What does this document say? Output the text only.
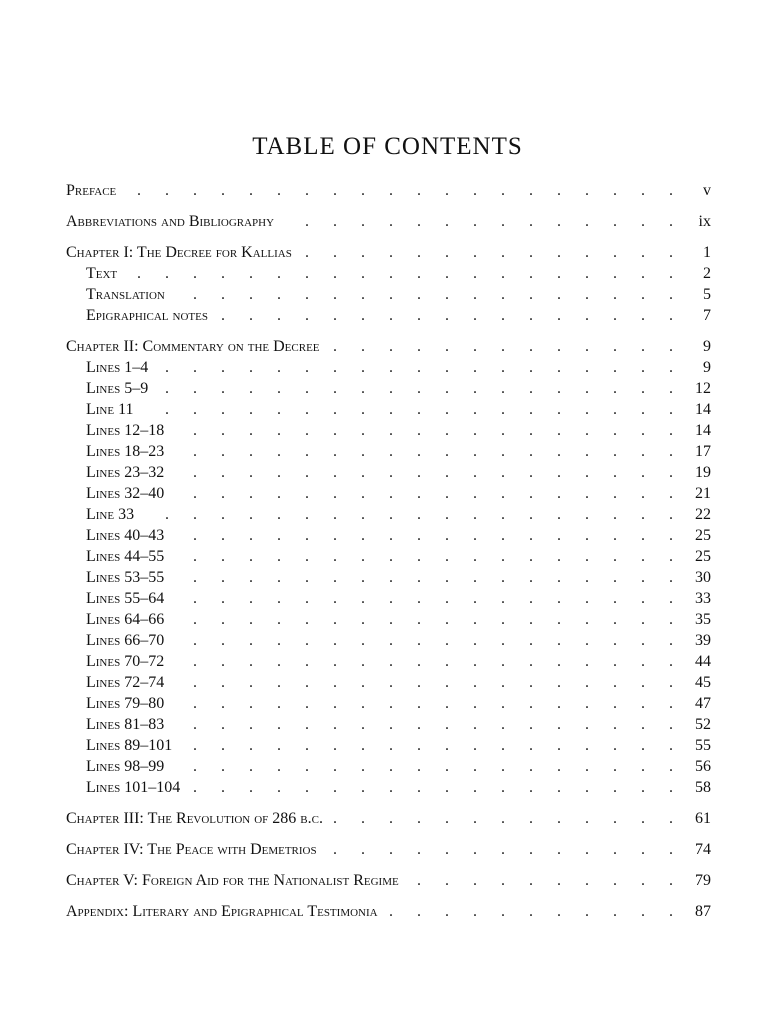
TABLE OF CONTENTS
Preface .	v
Abbreviations and Bibliography .	ix
Chapter I: The Decree for Kallias .	1
Text .	2
Translation .	5
Epigraphical notes .	7
Chapter II: Commentary on the Decree .	9
Lines 1–4 .	9
Lines 5–9 .	12
Line 11 .	14
Lines 12–18 .	14
Lines 18–23 .	17
Lines 23–32 .	19
Lines 32–40 .	21
Line 33 .	22
Lines 40–43 .	25
Lines 44–55 .	25
Lines 53–55 .	30
Lines 55–64 .	33
Lines 64–66 .	35
Lines 66–70 .	39
Lines 70–72 .	44
Lines 72–74 .	45
Lines 79–80 .	47
Lines 81–83 .	52
Lines 89–101 .	55
Lines 98–99 .	56
Lines 101–104 .	58
Chapter III: The Revolution of 286 b.c. .	61
Chapter IV: The Peace with Demetrios .	74
Chapter V: Foreign Aid for the Nationalist Regime .	79
Appendix: Literary and Epigraphical Testimonia .	87
